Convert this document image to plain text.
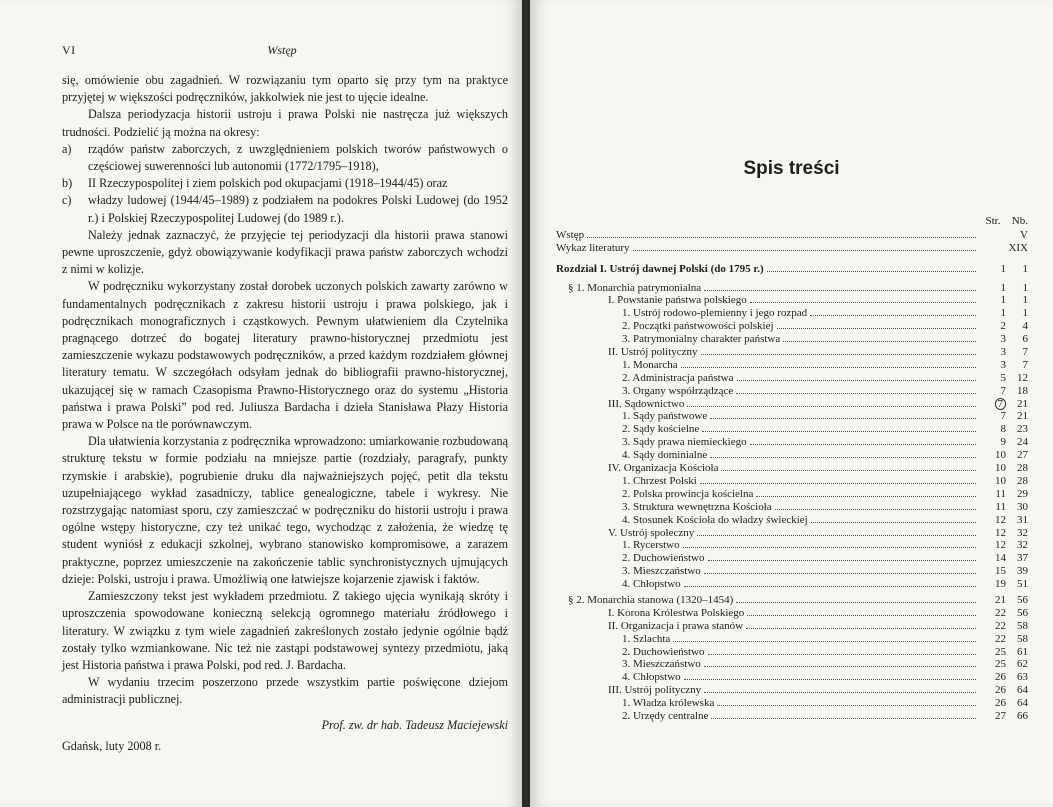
VI	Wstęp

się, omówienie obu zagadnień. W rozwiązaniu tym oparto się przy tym na praktyce przyjętej w większości podręczników, jakkolwiek nie jest to ujęcie idealne.

Dalsza periodyzacja historii ustroju i prawa Polski nie nastręcza już większych trudności. Podzielić ją można na okresy:

a) rządów państw zaborczych, z uwzględnieniem polskich tworów państwowych o częściowej suwerenności lub autonomii (1772/1795–1918),
b) II Rzeczypospolitej i ziem polskich pod okupacjami (1918–1944/45) oraz
c) władzy ludowej (1944/45–1989) z podziałem na podokres Polski Ludowej (do 1952 r.) i Polskiej Rzeczypospolitej Ludowej (do 1989 r.).

Należy jednak zaznaczyć, że przyjęcie tej periodyzacji dla historii prawa stanowi pewne uproszczenie, gdyż obowiązywanie kodyfikacji prawa państw zaborczych wchodzi z nimi w kolizje.

W podręczniku wykorzystany został dorobek uczonych polskich zawarty zarówno w fundamentalnych podręcznikach z zakresu historii ustroju i prawa polskiego, jak i podręcznikach monograficznych i cząstkowych. Pewnym ułatwieniem dla Czytelnika pragnącego dotrzeć do bogatej literatury prawno-historycznej przedmiotu jest zamieszczenie wykazu podstawowych podręczników, a przed każdym rozdziałem głównej literatury tematu. W szczegółach odsyłam jednak do bibliografii prawno-historycznej, ukazującej się w ramach Czasopisma Prawno-Historycznego oraz do systemu „Historia państwa i prawa Polski” pod red. Juliusza Bardacha i dzieła Stanisława Płazy Historia prawa w Polsce na tle porównawczym.

Dla ułatwienia korzystania z podręcznika wprowadzono: umiarkowanie rozbudowaną strukturę tekstu w formie podziału na mniejsze partie (rozdziały, paragrafy, punkty rzymskie i arabskie), pogrubienie druku dla najważniejszych pojęć, petit dla tekstu uzupełniającego wykład zasadniczy, tablice genealogiczne, tabele i wykresy. Nie rozstrzygając natomiast sporu, czy zamieszczać w podręczniku do historii ustroju i prawa ogólne wstępy historyczne, czy też unikać tego, wychodząc z założenia, że wiedzę tę student wyniósł z edukacji szkolnej, wybrano stanowisko kompromisowe, a zarazem praktyczne, poprzez umieszczenie na zakończenie tablic synchronistycznych ujmujących dzieje: Polski, ustroju i prawa. Umożliwią one łatwiejsze kojarzenie zjawisk i faktów.

Zamieszczony tekst jest wykładem przedmiotu. Z takiego ujęcia wynikają skróty i uproszczenia spowodowane konieczną selekcją ogromnego materiału źródłowego i literatury. W związku z tym wiele zagadnień zakreślonych zostało jedynie ogólnie bądź zostały tylko wzmiankowane. Nic też nie zastąpi podstawowej syntezy przedmiotu, jaką jest Historia państwa i prawa Polski, pod red. J. Bardacha.

W wydaniu trzecim poszerzono przede wszystkim partie poświęcone dziejom administracji publicznej.

Prof. zw. dr hab. Tadeusz Maciejewski

Gdańsk, luty 2008 r.

Spis treści
Str.	Nb.
Wstęp	V
Wykaz literatury	XIX
Rozdział I. Ustrój dawnej Polski (do 1795 r.)	1	1
§ 1. Monarchia patrymonialna	1	1
I. Powstanie państwa polskiego	1	1
1. Ustrój rodowo-plemienny i jego rozpad	1	1
2. Początki państwowości polskiej	2	4
3. Patrymonialny charakter państwa	3	6
II. Ustrój polityczny	3	7
1. Monarcha	3	7
2. Administracja państwa	5	12
3. Organy współrządzące	7	18
III. Sądownictwo	7	21
1. Sądy państwowe	7	21
2. Sądy kościelne	8	23
3. Sądy prawa niemieckiego	9	24
4. Sądy dominialne	10	27
IV. Organizacja Kościoła	10	28
1. Chrzest Polski	10	28
2. Polska prowincja kościelna	11	29
3. Struktura wewnętrzna Kościoła	11	30
4. Stosunek Kościoła do władzy świeckiej	12	31
V. Ustrój społeczny	12	32
1. Rycerstwo	12	32
2. Duchowieństwo	14	37
3. Mieszczaństwo	15	39
4. Chłopstwo	19	51
§ 2. Monarchia stanowa (1320–1454)	21	56
I. Korona Królestwa Polskiego	22	56
II. Organizacja i prawa stanów	22	58
1. Szlachta	22	58
2. Duchowieństwo	25	61
3. Mieszczaństwo	25	62
4. Chłopstwo	26	63
III. Ustrój polityczny	26	64
1. Władza królewska	26	64
2. Urzędy centralne	27	66
